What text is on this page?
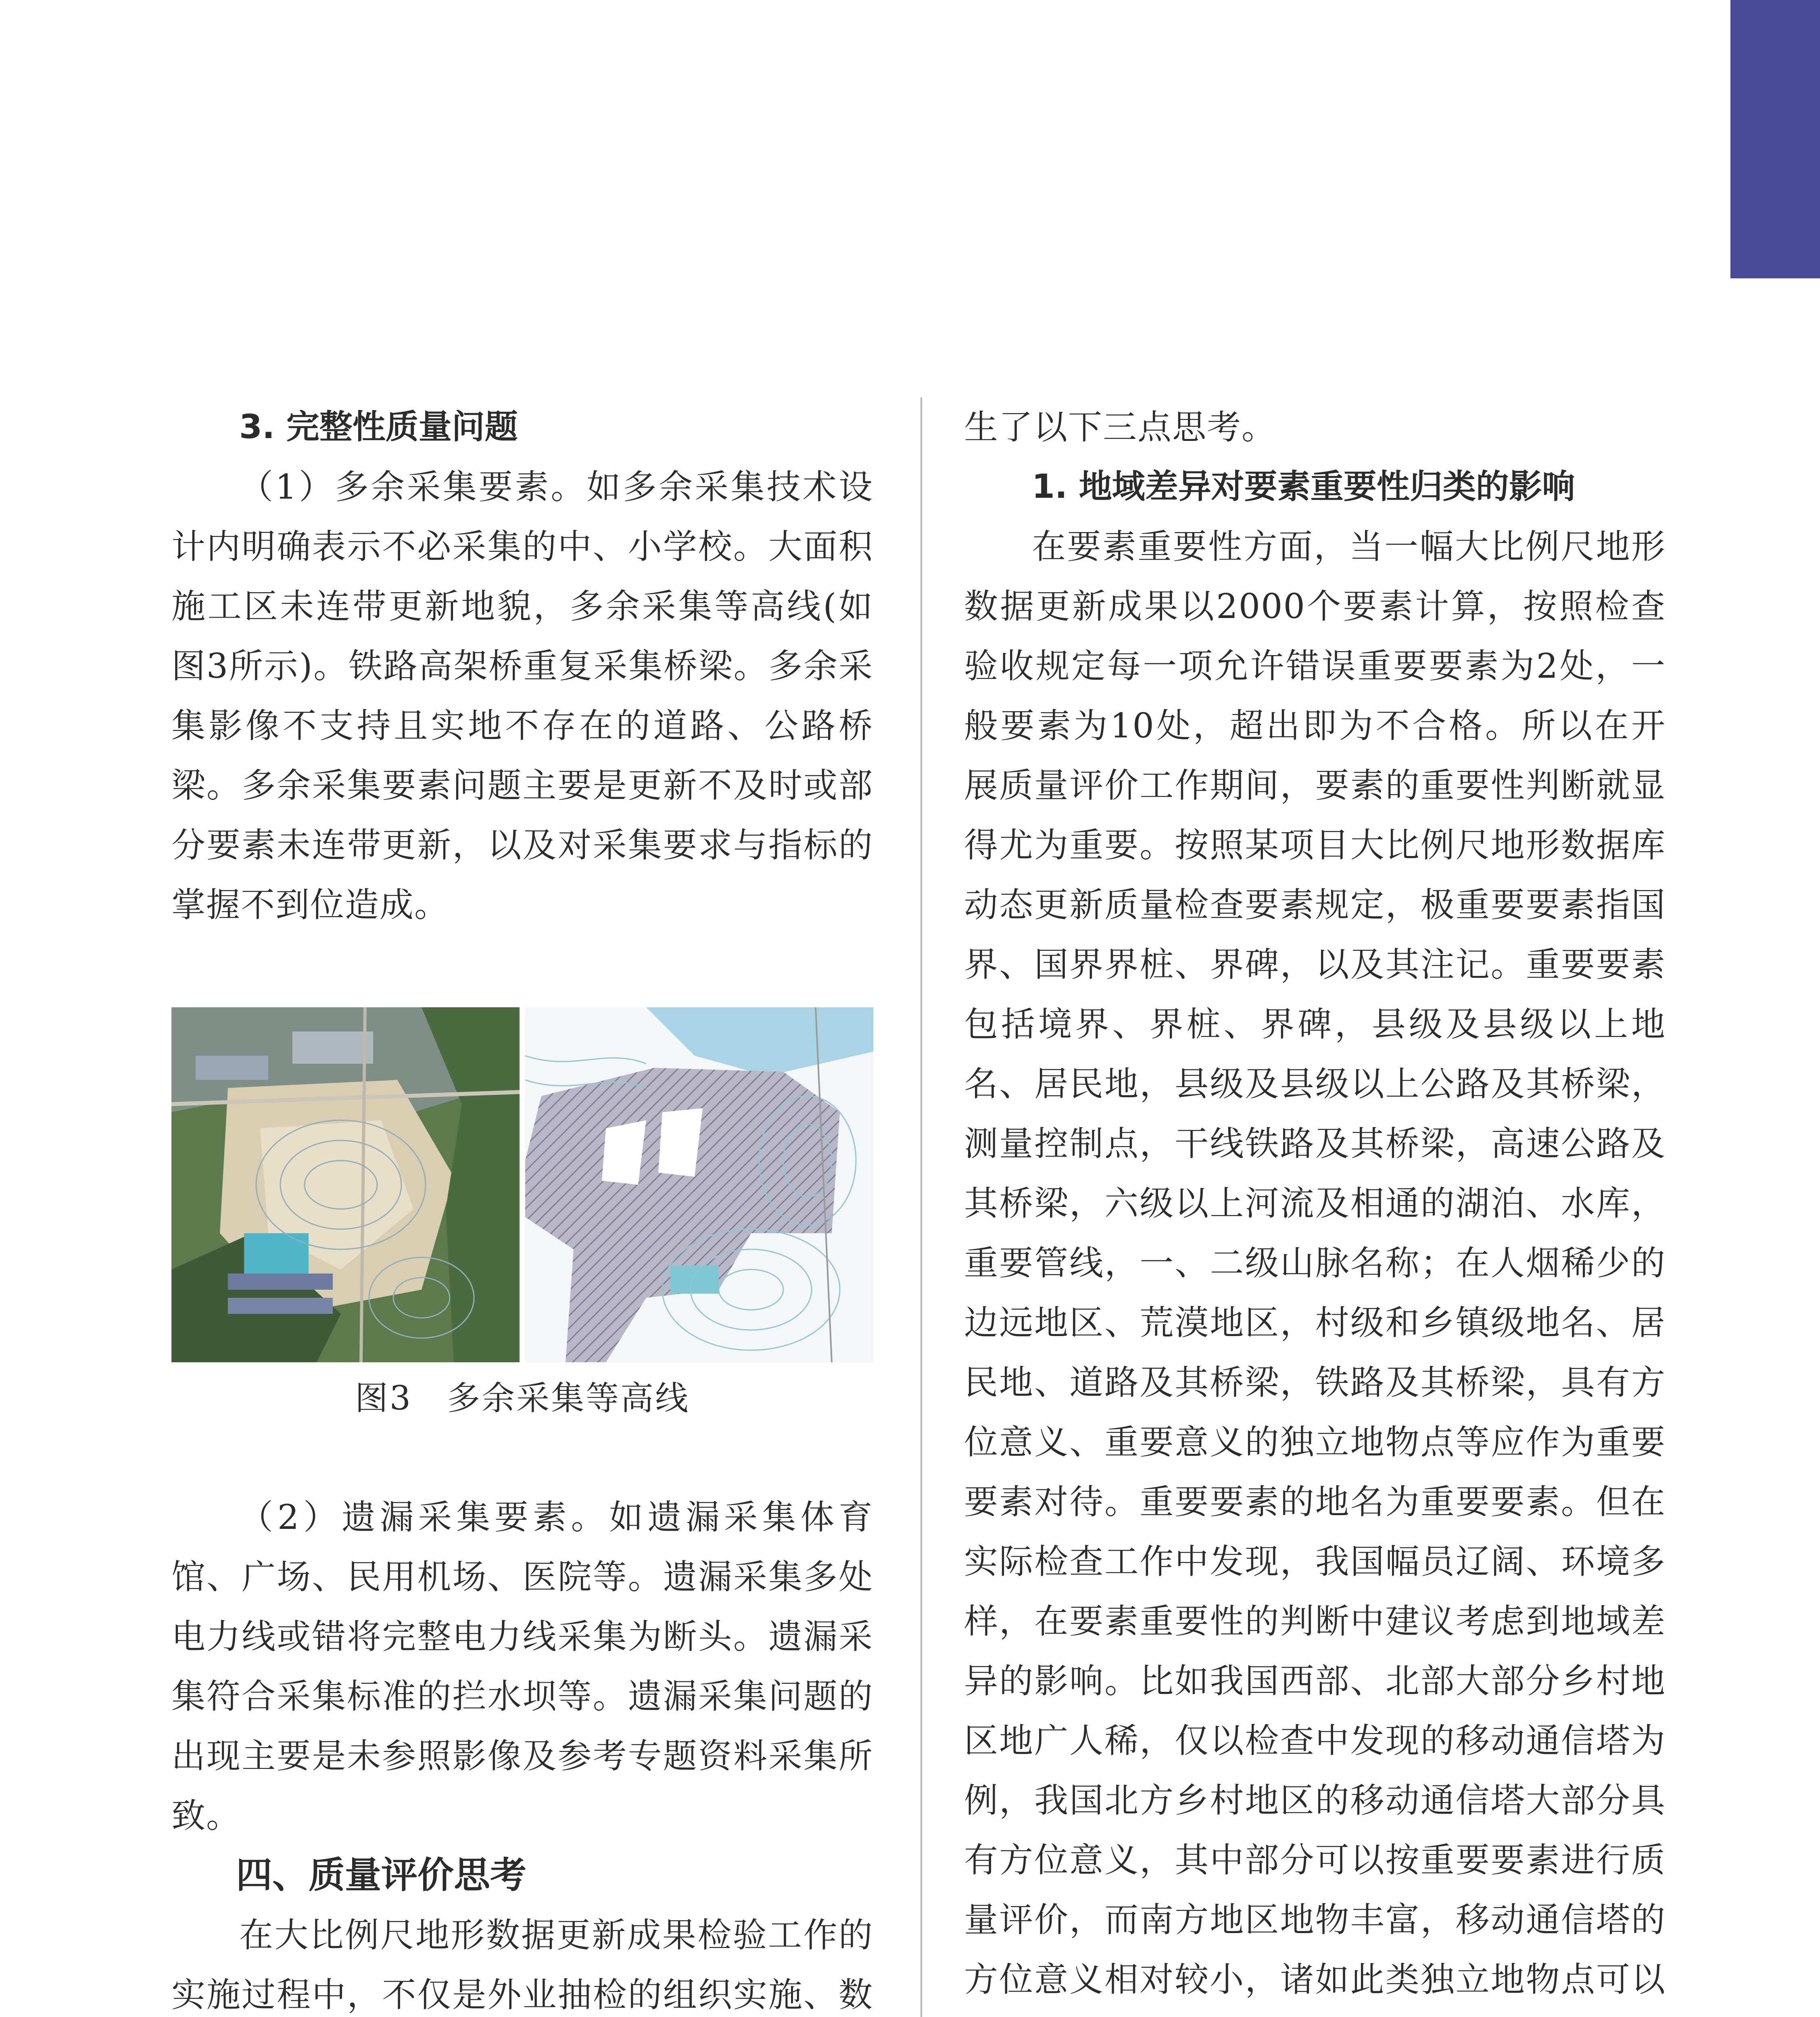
3. 完整性质量问题

（1）多余采集要素。如多余采集技术设计内明确表示不必采集的中、小学校。大面积施工区未连带更新地貌，多余采集等高线(如图3所示)。铁路高架桥重复采集桥梁。多余采集影像不支持且实地不存在的道路、公路桥梁。多余采集要素问题主要是更新不及时或部分要素未连带更新，以及对采集要求与指标的掌握不到位造成。

图3　多余采集等高线

（2）遗漏采集要素。如遗漏采集体育馆、广场、民用机场、医院等。遗漏采集多处电力线或错将完整电力线采集为断头。遗漏采集符合采集标准的拦水坝等。遗漏采集问题的出现主要是未参照影像及参考专题资料采集所致。

四、质量评价思考

在大比例尺地形数据更新成果检验工作的实施过程中，不仅是外业抽检的组织实施、数

生了以下三点思考。

1. 地域差异对要素重要性归类的影响

在要素重要性方面，当一幅大比例尺地形数据更新成果以2000个要素计算，按照检查验收规定每一项允许错误重要要素为2处，一般要素为10处，超出即为不合格。所以在开展质量评价工作期间，要素的重要性判断就显得尤为重要。按照某项目大比例尺地形数据库动态更新质量检查要素规定，极重要要素指国界、国界界桩、界碑，以及其注记。重要要素包括境界、界桩、界碑，县级及县级以上地名、居民地，县级及县级以上公路及其桥梁，测量控制点，干线铁路及其桥梁，高速公路及其桥梁，六级以上河流及相通的湖泊、水库，重要管线，一、二级山脉名称；在人烟稀少的边远地区、荒漠地区，村级和乡镇级地名、居民地、道路及其桥梁，铁路及其桥梁，具有方位意义、重要意义的独立地物点等应作为重要要素对待。重要要素的地名为重要要素。但在实际检查工作中发现，我国幅员辽阔、环境多样，在要素重要性的判断中建议考虑到地域差异的影响。比如我国西部、北部大部分乡村地区地广人稀，仅以检查中发现的移动通信塔为例，我国北方乡村地区的移动通信塔大部分具有方位意义，其中部分可以按重要要素进行质量评价，而南方地区地物丰富，移动通信塔的方位意义相对较小，诸如此类独立地物点可以
